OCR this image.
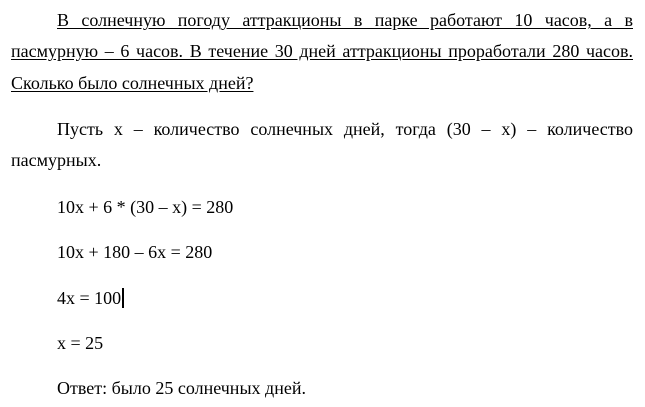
В солнечную погоду аттракционы в парке работают 10 часов, а в
пасмурную – 6 часов. В течение 30 дней аттракционы проработали 280 часов.
Сколько было солнечных дней?
Пусть х – количество солнечных дней, тогда (30 – х) – количество
пасмурных.
10х + 6 * (30 – х) = 280
10х + 180 – 6х = 280
4х = 100
х = 25
Ответ: было 25 солнечных дней.
